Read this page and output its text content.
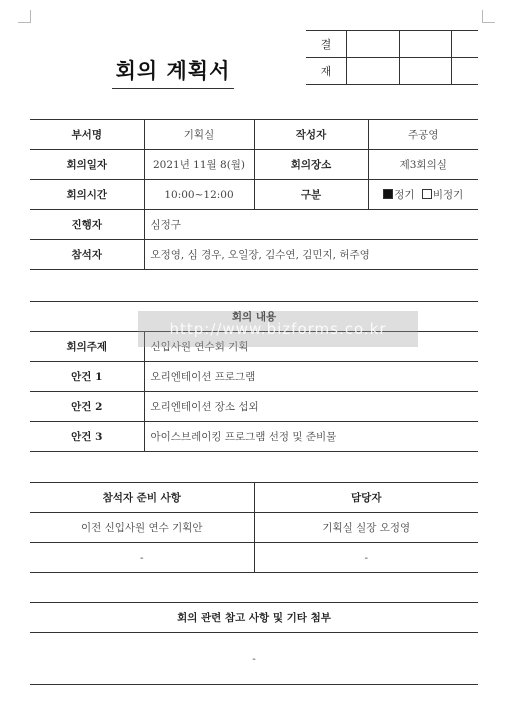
회의 계획서
결			
재			
부서명	기획실	작성자	주공영
회의일자	2021년 11월 8(월)	회의장소	제3회의실
회의시간	10:00~12:00	구분	정기 비정기
진행자	심정구		
참석자	오정영, 심 경우, 오일장, 김수연, 김민지, 허주영		
회의 내용	
회의주제	신입사원 연수회 기획
안건 1	오리엔테이션 프로그램
안건 2	오리엔테이션 장소 섭외
안건 3	아이스브레이킹 프로그램 선정 및 준비물
http://www.bizforms.co.kr
참석자 준비 사항	담당자
이전 신입사원 연수 기획안	기획실 실장 오정영
-	-
회의 관련 참고 사항 및 기타 첨부
-
